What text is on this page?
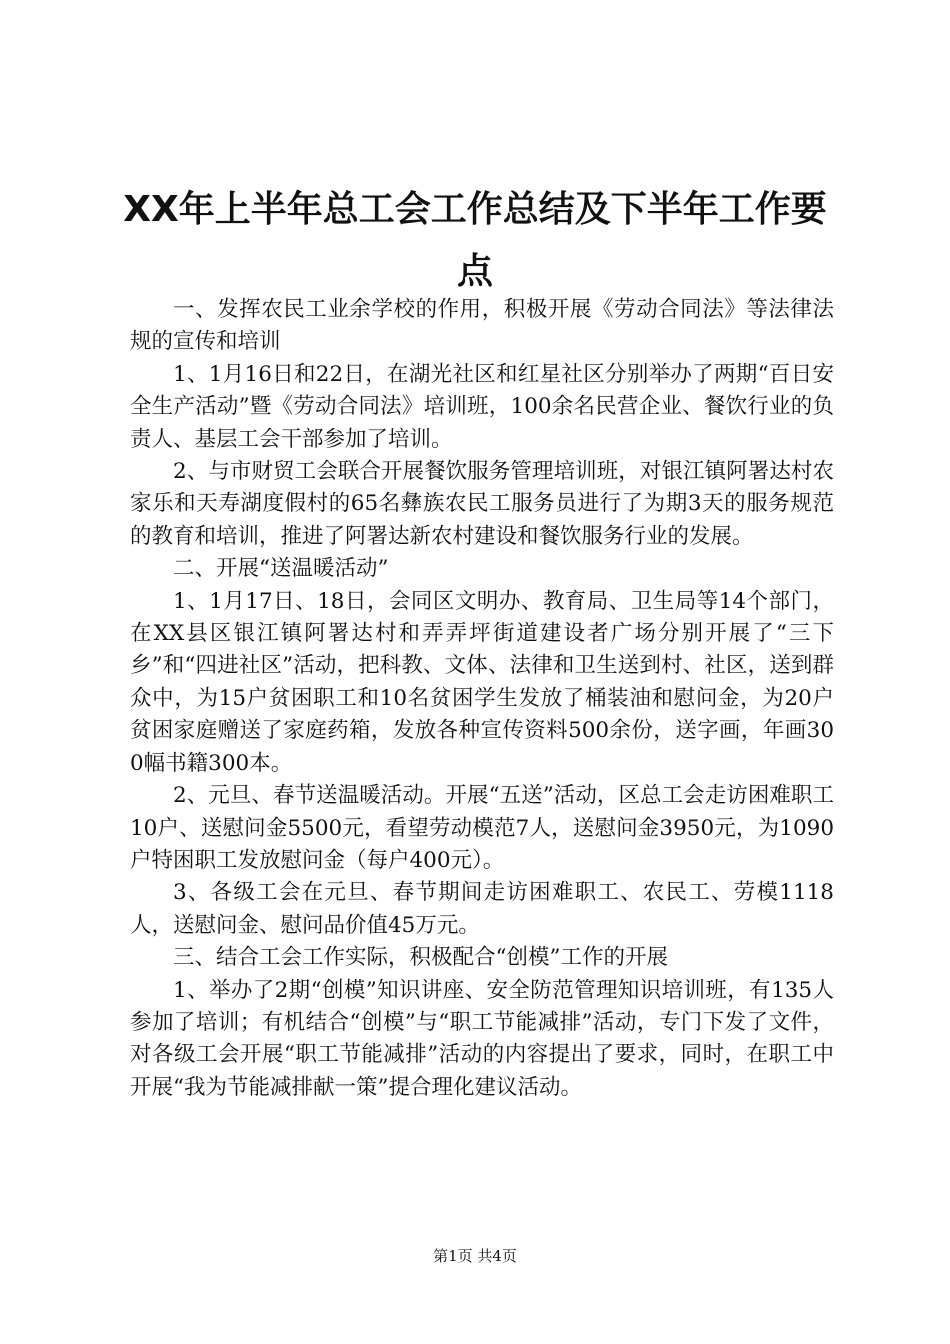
XX年上半年总工会工作总结及下半年工作要
点

一、发挥农民工业余学校的作用，积极开展《劳动合同法》等法律法规的宣传和培训

1、1月16日和22日，在湖光社区和红星社区分别举办了两期“百日安全生产活动”暨《劳动合同法》培训班，100余名民营企业、餐饮行业的负责人、基层工会干部参加了培训。

2、与市财贸工会联合开展餐饮服务管理培训班，对银江镇阿署达村农家乐和天寿湖度假村的65名彝族农民工服务员进行了为期3天的服务规范的教育和培训，推进了阿署达新农村建设和餐饮服务行业的发展。

二、开展“送温暖活动”

1、1月17日、18日，会同区文明办、教育局、卫生局等14个部门，在XX县区银江镇阿署达村和弄弄坪街道建设者广场分别开展了“三下乡”和“四进社区”活动，把科教、文体、法律和卫生送到村、社区，送到群众中，为15户贫困职工和10名贫困学生发放了桶装油和慰问金，为20户贫困家庭赠送了家庭药箱，发放各种宣传资料500余份，送字画，年画300幅书籍300本。

2、元旦、春节送温暖活动。开展“五送”活动，区总工会走访困难职工10户、送慰问金5500元，看望劳动模范7人，送慰问金3950元，为1090户特困职工发放慰问金（每户400元）。

3、各级工会在元旦、春节期间走访困难职工、农民工、劳模1118人，送慰问金、慰问品价值45万元。

三、结合工会工作实际，积极配合“创模”工作的开展

1、举办了2期“创模”知识讲座、安全防范管理知识培训班，有135人参加了培训；有机结合“创模”与“职工节能减排”活动，专门下发了文件，对各级工会开展“职工节能减排”活动的内容提出了要求，同时，在职工中开展“我为节能减排献一策”提合理化建议活动。

第1页 共4页
